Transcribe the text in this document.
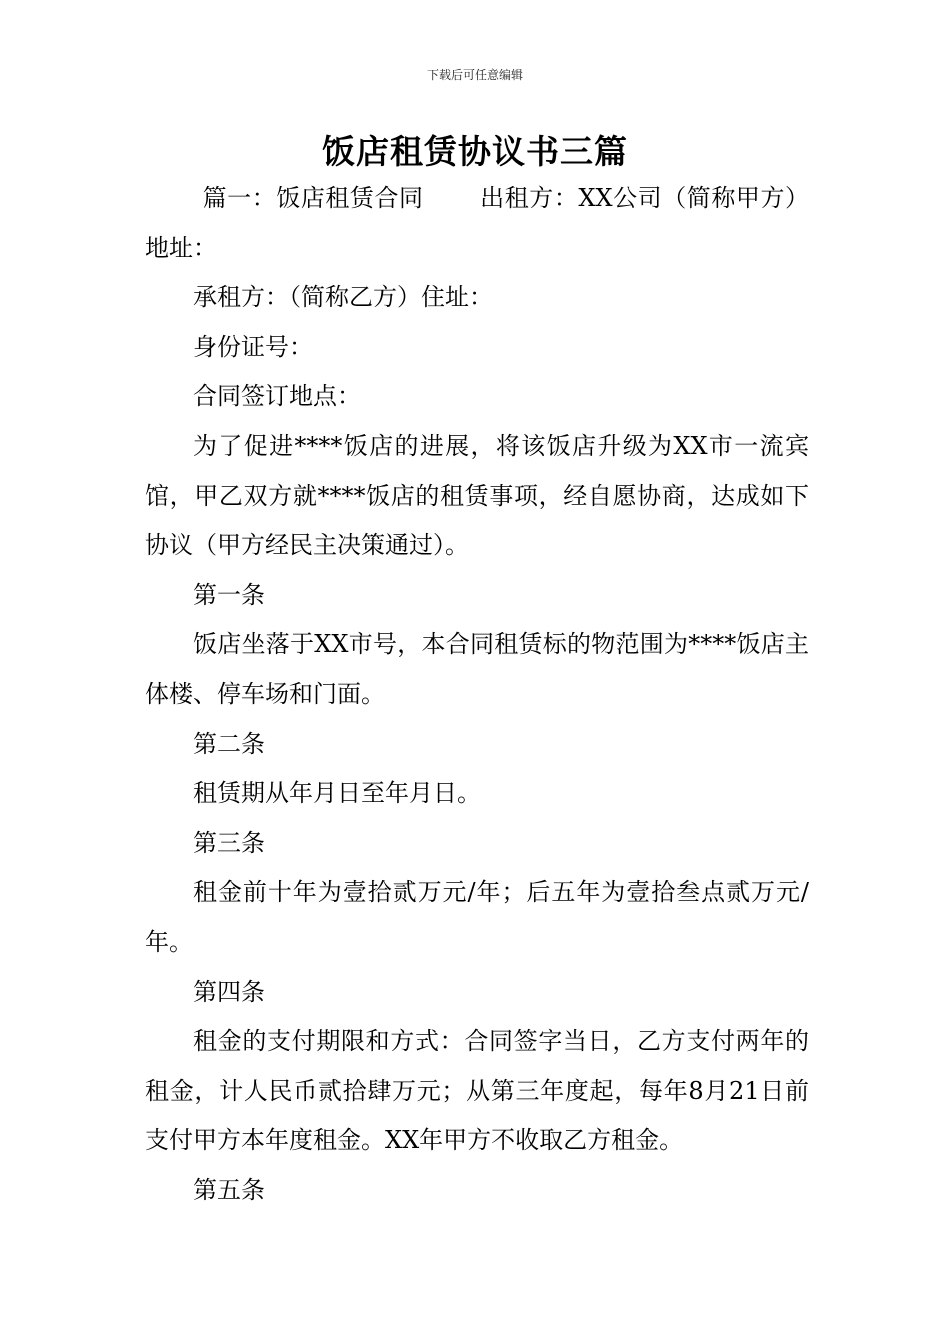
下载后可任意编辑
饭店租赁协议书三篇

篇一：饭店租赁合同 出租方：XX公司（简称甲方）地址：

承租方：（简称乙方）住址：

身份证号：

合同签订地点：

为了促进****饭店的进展，将该饭店升级为XX市一流宾馆，甲乙双方就****饭店的租赁事项，经自愿协商，达成如下协议（甲方经民主决策通过）。

第一条

饭店坐落于XX市号，本合同租赁标的物范围为****饭店主体楼、停车场和门面。

第二条

租赁期从年月日至年月日。

第三条

租金前十年为壹拾贰万元/年；后五年为壹拾叁点贰万元/年。

第四条

租金的支付期限和方式：合同签字当日，乙方支付两年的租金，计人民币贰拾肆万元；从第三年度起，每年8月21日前支付甲方本年度租金。XX年甲方不收取乙方租金。

第五条
